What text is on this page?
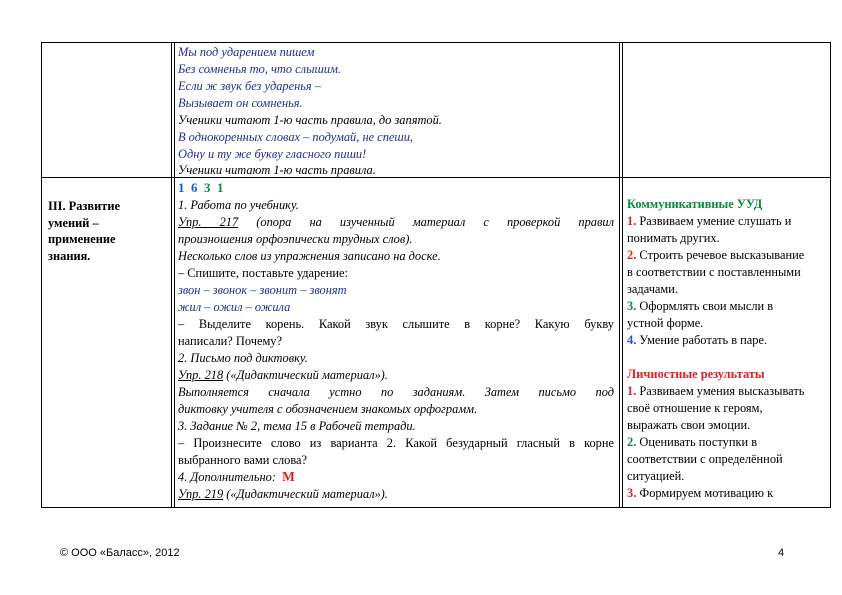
Мы под ударением пишем
Без сомненья то, что слышим.
Если ж звук без ударенья –
Вызывает он сомненья.
Ученики читают 1-ю часть правила, до запятой.
В однокоренных словах – подумай, не спеши,
Одну и ту же букву гласного пиши!
Ученики читают 1-ю часть правила.
III. Развитие
умений –
применение
знания.
1 6 3 1
1. Работа по учебнику.
Упр. 217 (опора на изученный материал с проверкой правил
произношения орфоэпически трудных слов).
Несколько слов из упражнения записано на доске.
– Спишите, поставьте ударение:
звон – звонок – звонит – звонят
жил – ожил – ожила
– Выделите корень. Какой звук слышите в корне? Какую букву
написали? Почему?
2. Письмо под диктовку.
Упр. 218 («Дидактический материал»).
Выполняется сначала устно по заданиям. Затем письмо под
диктовку учителя с обозначением знакомых орфограмм.
3. Задание № 2, тема 15 в Рабочей тетради.
– Произнесите слово из варианта 2. Какой безударный гласный в корне
выбранного вами слова?
4. Дополнительно: М
Упр. 219 («Дидактический материал»).
Коммуникативные УУД
1. Развиваем умение слушать и
понимать других.
2. Строить речевое высказывание
в соответствии с поставленными
задачами.
3. Оформлять свои мысли в
устной форме.
4. Умение работать в паре.
Личностные результаты
1. Развиваем умения высказывать
своё отношение к героям,
выражать свои эмоции.
2. Оценивать поступки в
соответствии с определённой
ситуацией.
3. Формируем мотивацию к
© ООО «Баласс», 2012	4
